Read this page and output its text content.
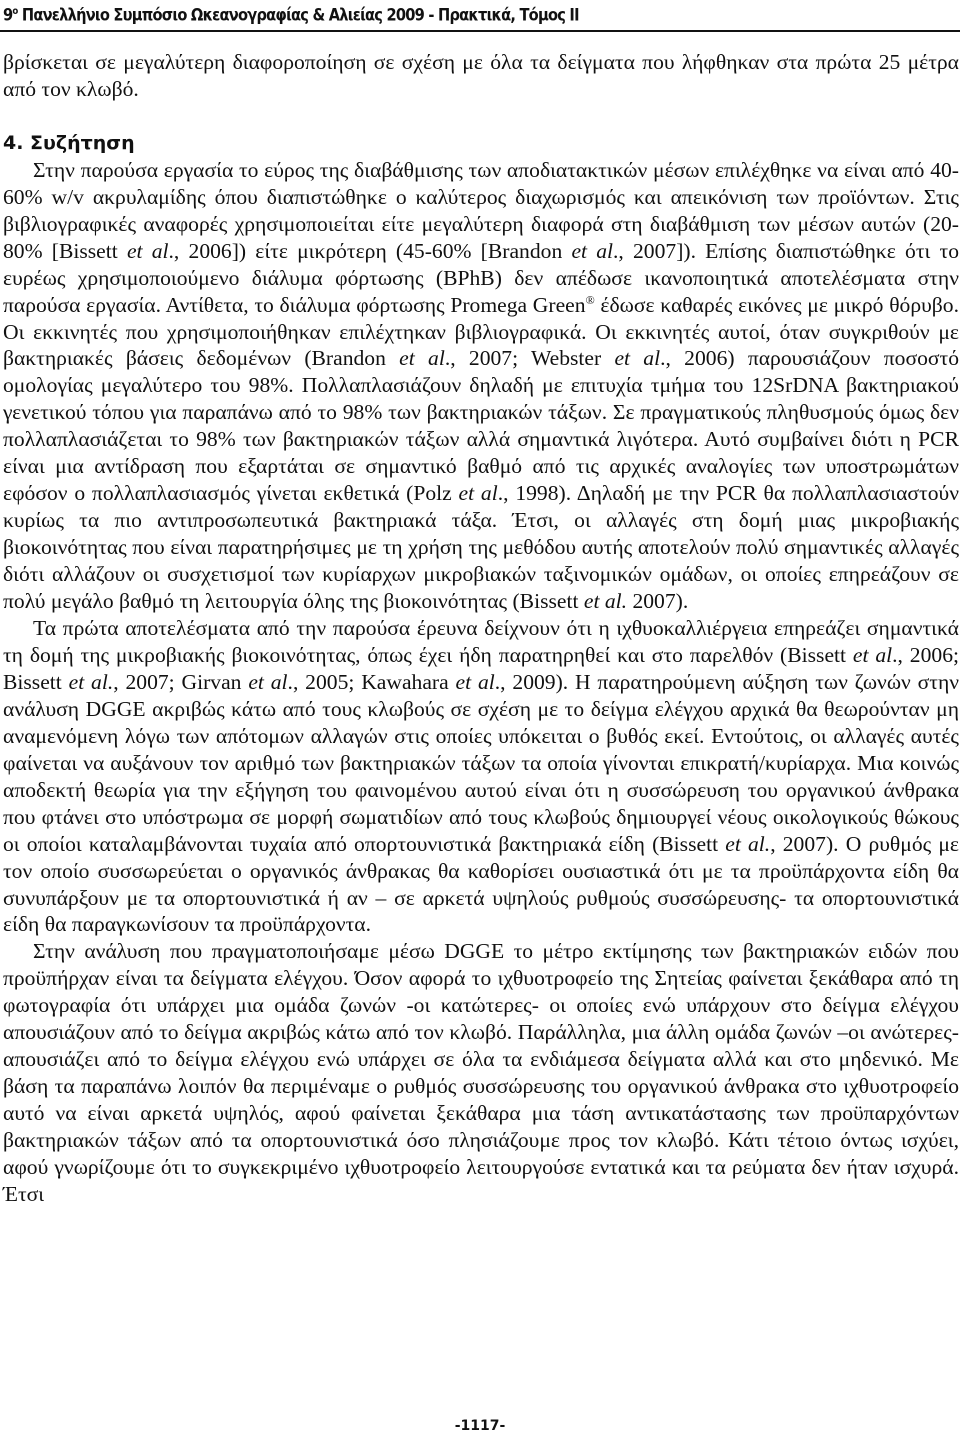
$9^o$ Πανελλήνιο Συμπόσιο Ωκεανογραφίας & Αλιείας 2009 - Πρακτικά, Τόμος ΙΙ

βρίσκεται σε μεγαλύτερη διαφοροποίηση σε σχέση με όλα τα δείγματα που λήφθηκαν στα πρώτα 25 μέτρα από τον κλωβό.

4. Συζήτηση

Στην παρούσα εργασία το εύρος της διαβάθμισης των αποδιατακτικών μέσων επιλέχθηκε να είναι από 40-60% w/v ακρυλαμίδης όπου διαπιστώθηκε ο καλύτερος διαχωρισμός και απεικόνιση των προϊόντων. Στις βιβλιογραφικές αναφορές χρησιμοποιείται είτε μεγαλύτερη διαφορά στη διαβάθμιση των μέσων αυτών (20-80% [Bissett et al., 2006]) είτε μικρότερη (45-60% [Brandon et al., 2007]). Επίσης διαπιστώθηκε ότι το ευρέως χρησιμοποιούμενο διάλυμα φόρτωσης (BPhB) δεν απέδωσε ικανοποιητικά αποτελέσματα στην παρούσα εργασία. Αντίθετα, το διάλυμα φόρτωσης Promega Green® έδωσε καθαρές εικόνες με μικρό θόρυβο. Οι εκκινητές που χρησιμοποιήθηκαν επιλέχτηκαν βιβλιογραφικά. Οι εκκινητές αυτοί, όταν συγκριθούν με βακτηριακές βάσεις δεδομένων (Brandon et al., 2007; Webster et al., 2006) παρουσιάζουν ποσοστό ομολογίας μεγαλύτερο του 98%. Πολλαπλασιάζουν δηλαδή με επιτυχία τμήμα του 12SrDNA βακτηριακού γενετικού τόπου για παραπάνω από το 98% των βακτηριακών τάξων. Σε πραγματικούς πληθυσμούς όμως δεν πολλαπλασιάζεται το 98% των βακτηριακών τάξων αλλά σημαντικά λιγότερα. Αυτό συμβαίνει διότι η PCR είναι μια αντίδραση που εξαρτάται σε σημαντικό βαθμό από τις αρχικές αναλογίες των υποστρωμάτων εφόσον ο πολλαπλασιασμός γίνεται εκθετικά (Polz et al., 1998). Δηλαδή με την PCR θα πολλαπλασιαστούν κυρίως τα πιο αντιπροσωπευτικά βακτηριακά τάξα. Έτσι, οι αλλαγές στη δομή μιας μικροβιακής βιοκοινότητας που είναι παρατηρήσιμες με τη χρήση της μεθόδου αυτής αποτελούν πολύ σημαντικές αλλαγές διότι αλλάζουν οι συσχετισμοί των κυρίαρχων μικροβιακών ταξινομικών ομάδων, οι οποίες επηρεάζουν σε πολύ μεγάλο βαθμό τη λειτουργία όλης της βιοκοινότητας (Bissett et al. 2007).

Τα πρώτα αποτελέσματα από την παρούσα έρευνα δείχνουν ότι η ιχθυοκαλλιέργεια επηρεάζει σημαντικά τη δομή της μικροβιακής βιοκοινότητας, όπως έχει ήδη παρατηρηθεί και στο παρελθόν (Bissett et al., 2006; Bissett et al., 2007; Girvan et al., 2005; Kawahara et al., 2009). Η παρατηρούμενη αύξηση των ζωνών στην ανάλυση DGGE ακριβώς κάτω από τους κλωβούς σε σχέση με το δείγμα ελέγχου αρχικά θα θεωρούνταν μη αναμενόμενη λόγω των απότομων αλλαγών στις οποίες υπόκειται ο βυθός εκεί. Εντούτοις, οι αλλαγές αυτές φαίνεται να αυξάνουν τον αριθμό των βακτηριακών τάξων τα οποία γίνονται επικρατή/κυρίαρχα. Μια κοινώς αποδεκτή θεωρία για την εξήγηση του φαινομένου αυτού είναι ότι η συσσώρευση του οργανικού άνθρακα που φτάνει στο υπόστρωμα σε μορφή σωματιδίων από τους κλωβούς δημιουργεί νέους οικολογικούς θώκους οι οποίοι καταλαμβάνονται τυχαία από οπορτουνιστικά βακτηριακά είδη (Bissett et al., 2007). Ο ρυθμός με τον οποίο συσσωρεύεται ο οργανικός άνθρακας θα καθορίσει ουσιαστικά ότι με τα προϋπάρχοντα είδη θα συνυπάρξουν με τα οπορτουνιστικά ή αν – σε αρκετά υψηλούς ρυθμούς συσσώρευσης- τα οπορτουνιστικά είδη θα παραγκωνίσουν τα προϋπάρχοντα.

Στην ανάλυση που πραγματοποιήσαμε μέσω DGGE το μέτρο εκτίμησης των βακτηριακών ειδών που προϋπήρχαν είναι τα δείγματα ελέγχου. Όσον αφορά το ιχθυοτροφείο της Σητείας φαίνεται ξεκάθαρα από τη φωτογραφία ότι υπάρχει μια ομάδα ζωνών -οι κατώτερες- οι οποίες ενώ υπάρχουν στο δείγμα ελέγχου απουσιάζουν από το δείγμα ακριβώς κάτω από τον κλωβό. Παράλληλα, μια άλλη ομάδα ζωνών –οι ανώτερες- απουσιάζει από το δείγμα ελέγχου ενώ υπάρχει σε όλα τα ενδιάμεσα δείγματα αλλά και στο μηδενικό. Με βάση τα παραπάνω λοιπόν θα περιμέναμε ο ρυθμός συσσώρευσης του οργανικού άνθρακα στο ιχθυοτροφείο αυτό να είναι αρκετά υψηλός, αφού φαίνεται ξεκάθαρα μια τάση αντικατάστασης των προϋπαρχόντων βακτηριακών τάξων από τα οπορτουνιστικά όσο πλησιάζουμε προς τον κλωβό. Κάτι τέτοιο όντως ισχύει, αφού γνωρίζουμε ότι το συγκεκριμένο ιχθυοτροφείο λειτουργούσε εντατικά και τα ρεύματα δεν ήταν ισχυρά. Έτσι

-1117-
